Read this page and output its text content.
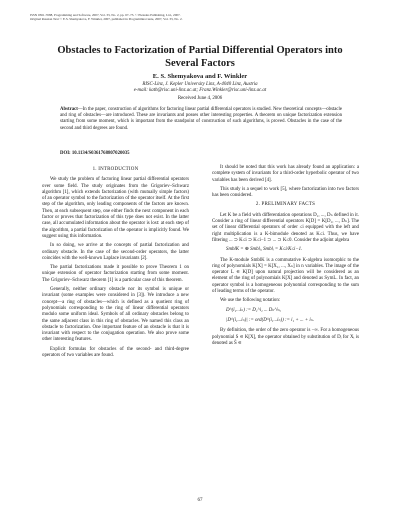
ISSN 0361-7688, Programming and Software, 2007, Vol. 33, No. 2, pp. 67–73. © Pleiades Publishing, Ltd., 2007.
Original Russian Text © E.S. Shemyakova, F. Winkler, 2007, published in Programmirovanie, 2007, Vol. 33, No. 2.
Obstacles to Factorization of Partial Differential Operators into Several Factors
E. S. Shemyakova and F. Winkler
RISC-Linz, J. Kepler University Linz, A-4040 Linz, Austria
e-mail: kath@risc.uni-linz.ac.at; Franz.Winkler@risc.uni-linz.ac.at
Received June 4, 2006
Abstract—In the paper, construction of algorithms for factoring linear partial differential operators is studied. New theoretical concepts—obstacle and ring of obstacles—are introduced. These are invariants and posses other interesting properties. A theorem on unique factorization extension starting from some moment, which is important from the standpoint of construction of such algorithms, is proved. Obstacles in the case of the second and third degrees are found.
DOI: 10.1134/S0361768807020035
1. INTRODUCTION

We study the problem of factoring linear partial differential operators over some field. The study originates from the Grigoriev–Schwarz algorithm [1], which extends factorization (with mutually simple factors) of an operator symbol to the factorization of the operator itself. At the first step of the algorithm, only leading components of the factors are known. Then, at each subsequent step, one either finds the next component in each factor or proves that factorization of this type does not exist. In the latter case, all accumulated information about the operator is lost: at each step of the algorithm, a partial factorization of the operator is implicitly found. We suggest using this information.

In so doing, we arrive at the concepts of partial factorization and ordinary obstacle. In the case of the second-order operators, the latter coincides with the well-known Laplace invariants [2].

The partial factorizations made it possible to prove Theorem 1 on unique extension of operator factorization starting from some moment. The Grigoriev–Schwarz theorem [1] is a particular case of this theorem.

Generally, neither ordinary obstacle nor its symbol is unique or invariant (some examples were considered in [3]). We introduce a new concept—a ring of obstacles—which is defined as a quotient ring of polynomials corresponding to the ring of linear differential operators modulo some uniform ideal. Symbols of all ordinary obstacles belong to the same adjacent class in this ring of obstacles. We named this class an obstacle to factorization. One important feature of an obstacle is that it is invariant with respect to the conjugation operation. We also prove some other interesting features.

Explicit formulas for obstacles of the second- and third-degree operators of two variables are found.

It should be noted that this work has already found an application: a complete system of invariants for a third-order hyperbolic operator of two variables has been derived [4].

This study is a sequel to work [5], where factorization into two factors has been considered.

2. PRELIMINARY FACTS

Let K be a field with differentiation operations D₁, ..., Dₙ defined in it. Consider a ring of linear differential operators K[D] = K[D₁, ..., Dₙ]. The set of linear differential operators of order ≤i equipped with the left and right multiplication is a K-bimodule denoted as K≤i. Thus, we have filtering ... ⊃ K≤i ⊃ K≤i−1 ⊃ ... ⊃ K≤0. Consider the adjoint algebra

SmblK = ⊕ Smblᵢ, Smblᵢ = K≤i/K≤i−1.

The K-module SmblK is a commutative K-algebra isomorphic to the ring of polynomials K[X] = K[X₁, ..., Xₙ] in n variables. The image of the operator L ∈ K[D] upon natural projection will be considered as an element of the ring of polynomials K[X] and denoted as SymL. In fact, an operator symbol is a homogeneous polynomial corresponding to the sum of leading terms of the operator.

We use the following notation:

D^(i₁...iₙ) := D₁^i₁ ... Dₙ^iₙ,
|D^(i₁...iₙ)| := ord(D^(i₁...iₙ)) := i₁ + ... + iₙ.

By definition, the order of the zero operator is −∞. For a homogeneous polynomial S ∈ K[X], the operator obtained by substitution of Dᵢ for Xᵢ is denoted as Ŝ ∈

67
